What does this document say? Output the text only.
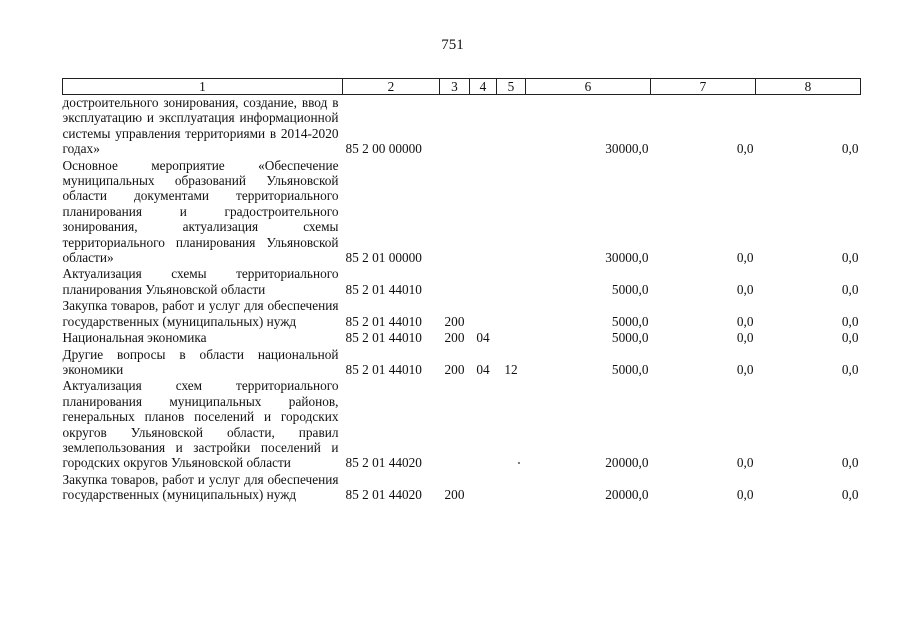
751
1	2	3	4	5	6	7	8
достроительного зонирования, создание, ввод в эксплуатацию и эксплуатация информационной системы управления территориями в 2014-2020 годах»	85 2 00 00000				30000,0	0,0	0,0
Основное мероприятие «Обеспечение муниципальных образований Ульяновской области документами территориального планирования и градостроительного зонирования, актуализация схемы территориального планирования Ульяновской области»	85 2 01 00000				30000,0	0,0	0,0
Актуализация схемы территориального планирования Ульяновской области	85 2 01 44010				5000,0	0,0	0,0
Закупка товаров, работ и услуг для обеспечения государственных (муниципальных) нужд	85 2 01 44010	200			5000,0	0,0	0,0
Национальная экономика	85 2 01 44010	200	04		5000,0	0,0	0,0
Другие вопросы в области национальной экономики	85 2 01 44010	200	04	12	5000,0	0,0	0,0
Актуализация схем территориального планирования муниципальных районов, генеральных планов поселений и городских округов Ульяновской области, правил землепользования и застройки поселений и городских округов Ульяновской области	85 2 01 44020				20000,0	0,0	0,0
Закупка товаров, работ и услуг для обеспечения государственных (муниципальных) нужд	85 2 01 44020	200			20000,0	0,0	0,0
